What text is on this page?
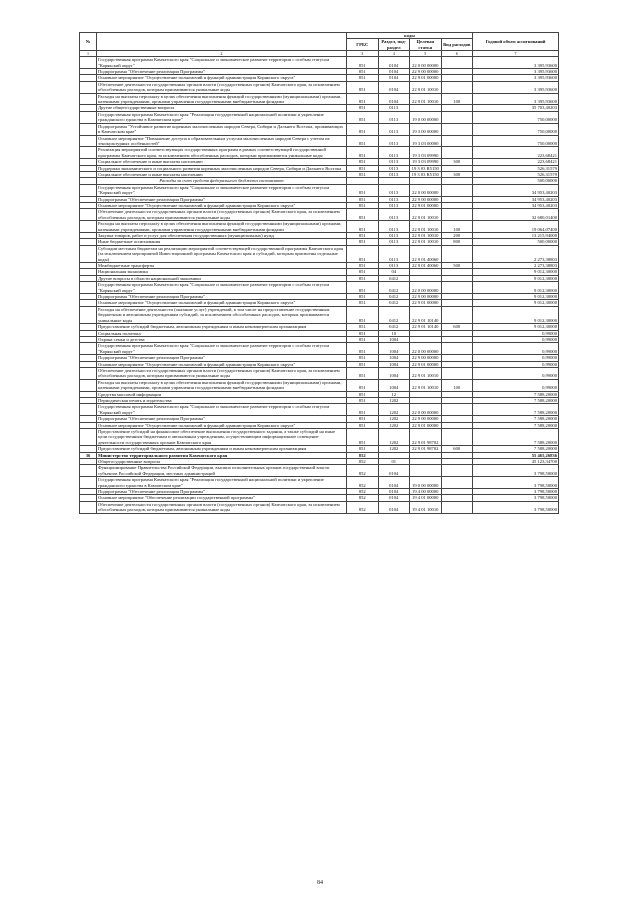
№		коды				Годовой объем ассигнований
		ГРБС	Раздел, под-раздел	Целевая статья	Вид расходов	
1	2	3	4	5	6	7
	Государственная программа Камчатского края "Социальное и экономическое развитие территории с особым статусом "Корякский округ"	851	0104	22 0 00 00000		3 395,93600
	Подпрограмма "Обеспечение реализации Программы"	851	0104	22 9 00 00000		3 395,93600
	Основное мероприятие "Осуществление полномочий и функций администрации Корякского округа"	851	0104	22 9 01 00000		3 395,93600
	Обеспечение деятельности государственных органов власти (государственных органов) Камчатского края, за исключением обособленных расходов, которым присваиваются уникальные коды	851	0104	22 9 01 10010		3 395,93600
	Расходы на выплаты персоналу в целях обеспечения выполнения функций государственными (муниципальными) органами, казенными учреждениями, органами управления государственными внебюджетными фондами	851	0104	22 9 01 10010	100	3 395,93600
	Другие общегосударственные вопросы	851	0113			35 703,40203
	Государственная программа Камчатского края "Реализация государственной национальной политики и укрепление гражданского единства в Камчатском крае"	851	0113	19 0 00 00000		750,00000
	Подпрограмма "Устойчивое развитие коренных малочисленных народов Севера, Сибири и Дальнего Востока, проживающих в Камчатском крае"	851	0113	19 3 00 00000		750,00000
	Основное мероприятие "Повышение доступа к образовательным услугам малочисленных народов Севера с учетом их этнокультурных особенностей"	851	0113	19 3 03 00000		750,00000
	Реализация мероприятий соответствующих государственных программ в рамках соответствующей государственной программы Камчатского края, за исключением обособленных расходов, которым присваиваются уникальные коды	851	0113	19 3 03 09990		223,68421
	Социальное обеспечение и иные выплаты населению	851	0113	19 3 03 09990	300	223,68421
	Поддержка экономического и социального развития коренных малочисленных народов Севера, Сибири и Дальнего Востока	851	0113	19 3 03 R5150		526,31579
	Социальное обеспечение и иные выплаты населению	851	0113	19 3 03 R5150	300	526,31579
	Расходы за счет средств федерального бюджета составляют					500,00000
	Государственная программа Камчатского края "Социальное и экономическое развитие территории с особым статусом "Корякский округ"	851	0113	22 0 00 00000		34 953,40203
	Подпрограмма "Обеспечение реализации Программы"	851	0113	22 9 00 00000		34 953,40203
	Основное мероприятие "Осуществление полномочий и функций администрации Корякского округа"	851	0113	22 9 01 00000		34 953,40203
	Обеспечение деятельности государственных органов власти (государственных органов) Камчатского края, за исключением обособленных расходов, которым присваиваются уникальные коды	851	0113	22 9 01 10010		32 680,01400
	Расходы на выплаты персоналу в целях обеспечения выполнения функций государственными (муниципальными) органами, казенными учреждениями, органами управления государственными внебюджетными фондами	851	0113	22 9 01 10010	100	19 064,07400
	Закупка товаров, работ и услуг для обеспечения государственных (муниципальных) нужд	851	0113	22 9 01 10010	200	13 215,94000
	Иные бюджетные ассигнования	851	0113	22 9 01 10010	800	500,00000
	Субсидии местным бюджетам на реализацию мероприятий соответствующей государственной программы Камчатского края (за исключением мероприятий Инвестиционной программы Камчатского края и субсидий, которым присвоены отдельные коды)	851	0113	22 9 01 40060		2 273,38803
	Межбюджетные трансферты	851	0113	22 9 01 40060	500	2 273,38803
	Национальная экономика	851	04			9 012,30000
	Другие вопросы в области национальной экономики	851	0412			9 012,30000
	Государственная программа Камчатского края "Социальное и экономическое развитие территории с особым статусом "Корякский округ"	851	0412	22 0 00 00000		9 012,30000
	Подпрограмма "Обеспечение реализации Программы"	851	0412	22 9 00 00000		9 012,30000
	Основное мероприятие "Осуществление полномочий и функций администрации Корякского округа"	851	0412	22 9 01 00000		9 012,30000
	Расходы на обеспечение деятельности (оказание услуг) учреждений, в том числе на предоставление государственным бюджетным и автономным учреждениям субсидий, за исключением обособленных расходов, которым присваиваются уникальные коды	851	0412	22 9 01 10140		9 012,30000
	Предоставление субсидий бюджетным, автономным учреждениям и иным некоммерческим организациям	851	0412	22 9 01 10140	600	9 012,30000
	Социальная политика	851	10			0,99000
	Охрана семьи и детства	851	1004			0,99000
	Государственная программа Камчатского края "Социальное и экономическое развитие территории с особым статусом "Корякский округ"	851	1004	22 0 00 00000		0,99000
	Подпрограмма "Обеспечение реализации Программы"	851	1004	22 9 00 00000		0,99000
	Основное мероприятие "Осуществление полномочий и функций администрации Корякского округа"	851	1004	22 9 01 00000		0,99000
	Обеспечение деятельности государственных органов власти (государственных органов) Камчатского края, за исключением обособленных расходов, которым присваиваются уникальные коды	851	1004	22 9 01 10010		0,99000
	Расходы на выплаты персоналу в целях обеспечения выполнения функций государственными (муниципальными) органами, казенными учреждениями, органами управления государственными внебюджетными фондами	851	1004	22 9 01 10010	100	0,99000
	Средства массовой информации	851	12			7 588,20000
	Периодическая печать и издательства	851	1202			7 588,20000
	Государственная программа Камчатского края "Социальное и экономическое развитие территории с особым статусом "Корякский округ"	851	1202	22 0 00 00000		7 588,20000
	Подпрограмма "Обеспечение реализации Программы"	851	1202	22 9 00 00000		7 588,20000
	Основное мероприятие "Осуществление полномочий и функций администрации Корякского округа"	851	1202	22 9 01 00000		7 588,20000
	Предоставление субсидий на финансовое обеспечение выполнения государственного задания, а также субсидий на иные цели государственным бюджетным и автономным учреждениям, осуществляющим информационное освещение деятельности государственных органов Камчатского края	851	1202	22 9 01 98702		7 588,20000
	Предоставление субсидий бюджетным, автономным учреждениям и иным некоммерческим организациям	851	1202	22 9 01 98702	600	7 588,20000
36	Министерство территориального развития Камчатского края	852				55 465,26836
	Общегосударственные вопросы	852	01			45 123,34700
	Функционирование Правительства Российской Федерации, высших исполнительных органов государственной власти субъектов Российской Федерации, местных администраций	852	0104			3 798,50000
	Государственная программа Камчатского края "Реализация государственной национальной политики и укрепление гражданского единства в Камчатском крае"	852	0104	19 0 00 00000		3 798,50000
	Подпрограмма "Обеспечение реализации Программы"	852	0104	19 4 00 00000		3 798,50000
	Основное мероприятие "Обеспечение реализации государственной программы"	852	0104	19 4 01 00000		3 798,50000
	Обеспечение деятельности государственных органов власти (государственных органов) Камчатского края, за исключением обособленных расходов, которым присваиваются уникальные коды	852	0104	19 4 01 10010		3 798,50000
84
